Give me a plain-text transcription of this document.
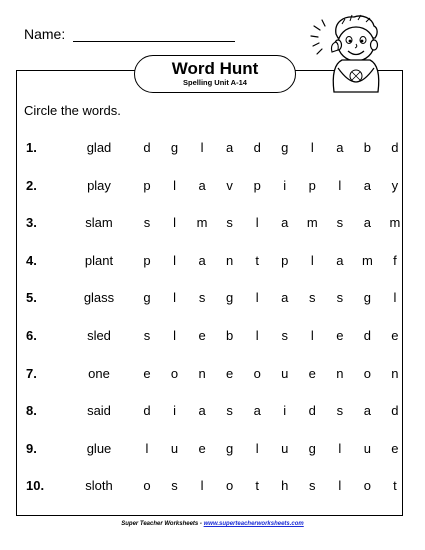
Name:
Word Hunt
Spelling Unit A-14
Circle the words.
1.	glad	d g	l	a d g	l	a b d
2.	play	p	l	a v p	i	p	l	a y
3.	slam	s	l	m s	l	a m s a m
4.	plant	p	l	a n	t	p	l	a m	f
5.	glass	g	l	s g	l	a s s g	l
6.	sled	s	l	e b	l	s	l	e d e
7.	one	e o n e o u e n o n
8.	said	d	i	a s a	i	d s a d
9.	glue	l	u e g	l	u g	l	u e
10.	sloth	o s	l	o	t	h s	l	o	t
Super Teacher Worksheets - www.superteacherworksheets.com
